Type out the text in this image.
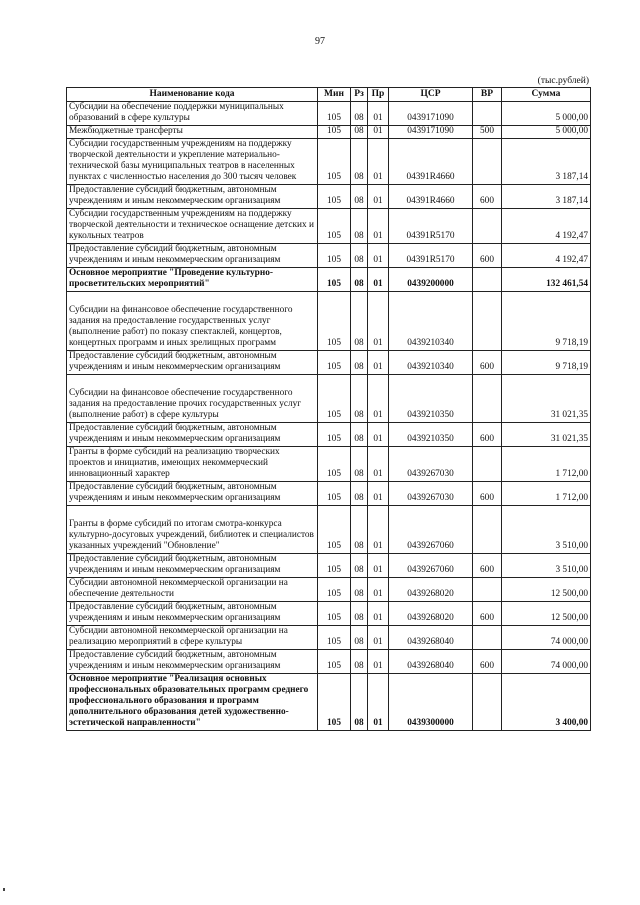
97
(тыс.рублей)
Наименование кода	Мин	Рз	Пр	ЦСР	ВР	Сумма
Субсидии на обеспечение поддержки муниципальных образований в сфере культуры	105	08	01	0439171090		5 000,00
Межбюджетные трансферты	105	08	01	0439171090	500	5 000,00
Субсидии государственным учреждениям на поддержку творческой деятельности и укрепление материально-технической базы муниципальных театров в населенных пунктах с численностью населения до 300 тысяч человек	105	08	01	04391R4660		3 187,14
Предоставление субсидий бюджетным, автономным учреждениям и иным некоммерческим организациям	105	08	01	04391R4660	600	3 187,14
Субсидии государственным учреждениям на поддержку творческой деятельности и техническое оснащение детских и кукольных театров	105	08	01	04391R5170		4 192,47
Предоставление субсидий бюджетным, автономным учреждениям и иным некоммерческим организациям	105	08	01	04391R5170	600	4 192,47
Основное мероприятие "Проведение культурно-просветительских мероприятий"	105	08	01	0439200000		132 461,54
Субсидии на финансовое обеспечение государственного задания на предоставление государственных услуг (выполнение работ) по показу спектаклей, концертов, концертных программ и иных зрелищных программ	105	08	01	0439210340		9 718,19
Предоставление субсидий бюджетным, автономным учреждениям и иным некоммерческим организациям	105	08	01	0439210340	600	9 718,19
Субсидии на финансовое обеспечение государственного задания на предоставление прочих государственных услуг (выполнение работ) в сфере культуры	105	08	01	0439210350		31 021,35
Предоставление субсидий бюджетным, автономным учреждениям и иным некоммерческим организациям	105	08	01	0439210350	600	31 021,35
Гранты в форме субсидий на реализацию творческих проектов и инициатив, имеющих некоммерческий инновационный характер	105	08	01	0439267030		1 712,00
Предоставление субсидий бюджетным, автономным учреждениям и иным некоммерческим организациям	105	08	01	0439267030	600	1 712,00
Гранты в форме субсидий по итогам смотра-конкурса культурно-досуговых учреждений, библиотек и специалистов указанных учреждений "Обновление"	105	08	01	0439267060		3 510,00
Предоставление субсидий бюджетным, автономным учреждениям и иным некоммерческим организациям	105	08	01	0439267060	600	3 510,00
Субсидии автономной некоммерческой организации на обеспечение деятельности	105	08	01	0439268020		12 500,00
Предоставление субсидий бюджетным, автономным учреждениям и иным некоммерческим организациям	105	08	01	0439268020	600	12 500,00
Субсидии автономной некоммерческой организации на реализацию мероприятий в сфере культуры	105	08	01	0439268040		74 000,00
Предоставление субсидий бюджетным, автономным учреждениям и иным некоммерческим организациям	105	08	01	0439268040	600	74 000,00
Основное мероприятие "Реализация основных профессиональных образовательных программ среднего профессионального образования и программ дополнительного образования детей художественно-эстетической направленности"	105	08	01	0439300000		3 400,00
